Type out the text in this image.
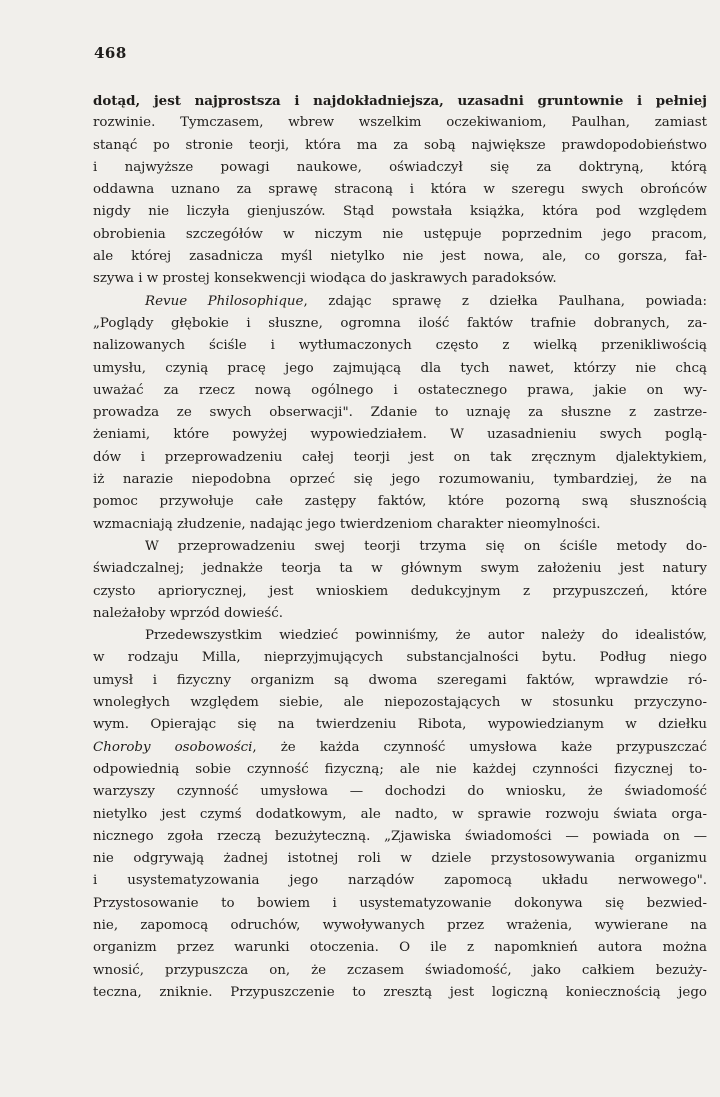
468
dotąd, jest najprostsza i najdokładniejsza, uzasadni gruntownie i pełniej
rozwinie. Tymczasem, wbrew wszelkim oczekiwaniom, Paulhan, zamiast
stanąć po stronie teorji, która ma za sobą największe prawdopodobieństwo
i najwyższe powagi naukowe, oświadczył się za doktryną, którą
oddawna uznano za sprawę straconą i która w szeregu swych obrońców
nigdy nie liczyła gienjuszów. Stąd powstała książka, która pod względem
obrobienia szczegółów w niczym nie ustępuje poprzednim jego pracom,
ale której zasadnicza myśl nietylko nie jest nowa, ale, co gorsza, fał-
szywa i w prostej konsekwencji wiodąca do jaskrawych paradoksów.
Revue Philosophique, zdając sprawę z dziełka Paulhana, powiada:
„Poglądy głębokie i słuszne, ogromna ilość faktów trafnie dobranych, za-
nalizowanych ściśle i wytłumaczonych często z wielką przenikliwością
umysłu, czynią pracę jego zajmującą dla tych nawet, którzy nie chcą
uważać za rzecz nową ogólnego i ostatecznego prawa, jakie on wy-
prowadza ze swych obserwacji". Zdanie to uznaję za słuszne z zastrze-
żeniami, które powyżej wypowiedziałem. W uzasadnieniu swych poglą-
dów i przeprowadzeniu całej teorji jest on tak zręcznym djalektykiem,
iż narazie niepodobna oprzeć się jego rozumowaniu, tymbardziej, że na
pomoc przywołuje całe zastępy faktów, które pozorną swą słusznością
wzmacniają złudzenie, nadając jego twierdzeniom charakter nieomylności.
W przeprowadzeniu swej teorji trzyma się on ściśle metody do-
świadczalnej; jednakże teorja ta w głównym swym założeniu jest natury
czysto apriorycznej, jest wnioskiem dedukcyjnym z przypuszczeń, które
należałoby wprzód dowieść.
Przedewszystkim wiedzieć powinniśmy, że autor należy do idealistów,
w rodzaju Milla, nieprzyjmujących substancjalności bytu. Podług niego
umysł i fizyczny organizm są dwoma szeregami faktów, wprawdzie ró-
wnoległych względem siebie, ale niepozostających w stosunku przyczyno-
wym. Opierając się na twierdzeniu Ribota, wypowiedzianym w dziełku
Choroby osobowości, że każda czynność umysłowa każe przypuszczać
odpowiednią sobie czynność fizyczną; ale nie każdej czynności fizycznej to-
warzyszy czynność umysłowa — dochodzi do wniosku, że świadomość
nietylko jest czymś dodatkowym, ale nadto, w sprawie rozwoju świata orga-
nicznego zgoła rzeczą bezużyteczną. „Zjawiska świadomości — powiada on —
nie odgrywają żadnej istotnej roli w dziele przystosowywania organizmu
i usystematyzowania jego narządów zapomocą układu nerwowego".
Przystosowanie to bowiem i usystematyzowanie dokonywa się bezwied-
nie, zapomocą odruchów, wywoływanych przez wrażenia, wywierane na
organizm przez warunki otoczenia. O ile z napomknień autora można
wnosić, przypuszcza on, że zczasem świadomość, jako całkiem bezuży-
teczna, zniknie. Przypuszczenie to zresztą jest logiczną koniecznością jego
